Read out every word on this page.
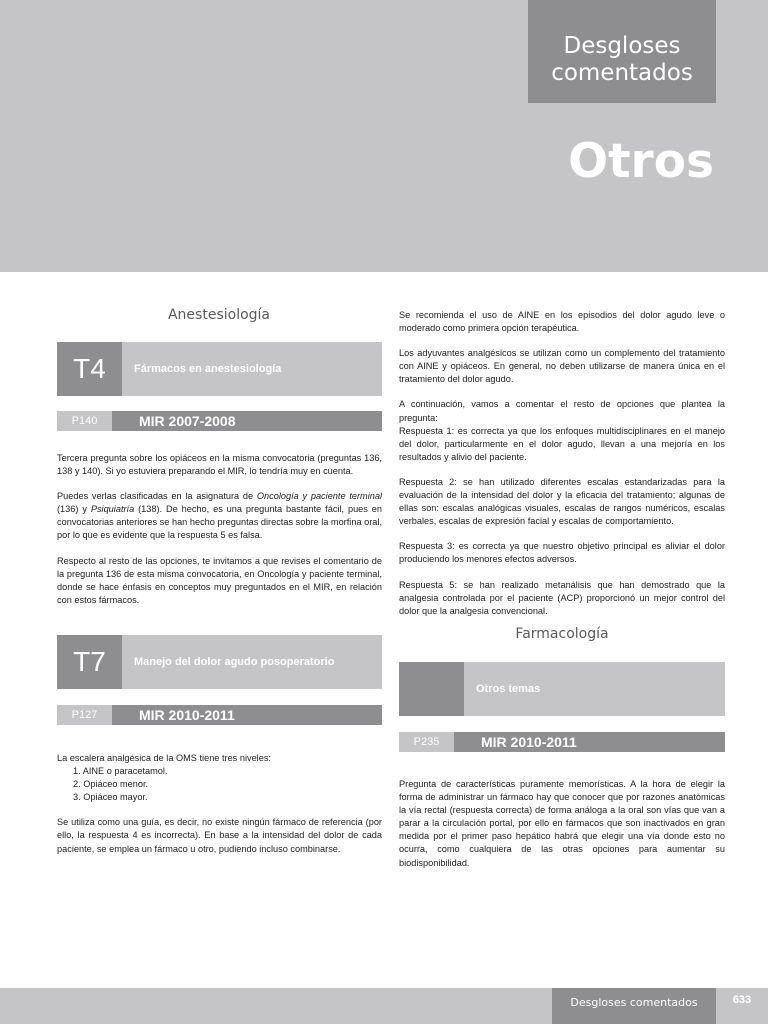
Desgloses
comentados
Otros
Anestesiología
T4	Fármacos en anestesiología
P140	MIR 2007-2008

Tercera pregunta sobre los opiáceos en la misma convocatoria (preguntas 136, 138 y 140). Si yo estuviera preparando el MIR, lo tendría muy en cuenta.

Puedes verlas clasificadas en la asignatura de Oncología y paciente terminal (136) y Psiquiatría (138). De hecho, es una pregunta bastante fácil, pues en convocatorias anteriores se han hecho preguntas directas sobre la morfina oral, por lo que es evidente que la respuesta 5 es falsa.

Respecto al resto de las opciones, te invitamos a que revises el comentario de la pregunta 136 de esta misma convocatoria, en Oncología y paciente terminal, donde se hace énfasis en conceptos muy preguntados en el MIR, en relación con estos fármacos.

T7	Manejo del dolor agudo posoperatorio
P127	MIR 2010-2011
La escalera analgésica de la OMS tiene tres niveles:
1. AINE o paracetamol.
2. Opiáceo menor.
3. Opiáceo mayor.

Se utiliza como una guía, es decir, no existe ningún fármaco de referencia (por ello, la respuesta 4 es incorrecta). En base a la intensidad del dolor de cada paciente, se emplea un fármaco u otro, pudiendo incluso combinarse.

Se recomienda el uso de AINE en los episodios del dolor agudo leve o moderado como primera opción terapéutica.

Los adyuvantes analgésicos se utilizan como un complemento del tratamiento con AINE y opiáceos. En general, no deben utilizarse de manera única en el tratamiento del dolor agudo.

A continuación, vamos a comentar el resto de opciones que plantea la pregunta:
Respuesta 1: es correcta ya que los enfoques multidisciplinares en el manejo del dolor, particularmente en el dolor agudo, llevan a una mejoría en los resultados y alivio del paciente.

Respuesta 2: se han utilizado diferentes escalas estandarizadas para la evaluación de la intensidad del dolor y la eficacia del tratamiento; algunas de ellas son: escalas analógicas visuales, escalas de rangos numéricos, escalas verbales, escalas de expresión facial y escalas de comportamiento.

Respuesta 3: es correcta ya que nuestro objetivo principal es aliviar el dolor produciendo los menores efectos adversos.

Respuesta 5: se han realizado metanálisis que han demostrado que la analgesia controlada por el paciente (ACP) proporcionó un mejor control del dolor que la analgesia convencional.

Farmacología
Otros temas
P235	MIR 2010-2011

Pregunta de características puramente memorísticas. A la hora de elegir la forma de administrar un fármaco hay que conocer que por razones anatómicas la vía rectal (respuesta correcta) de forma análoga a la oral son vías que van a parar a la circulación portal, por ello en fármacos que son inactivados en gran medida por el primer paso hepático habrá que elegir una vía donde esto no ocurra, como cualquiera de las otras opciones para aumentar su biodisponibilidad.

Desgloses comentados	633
